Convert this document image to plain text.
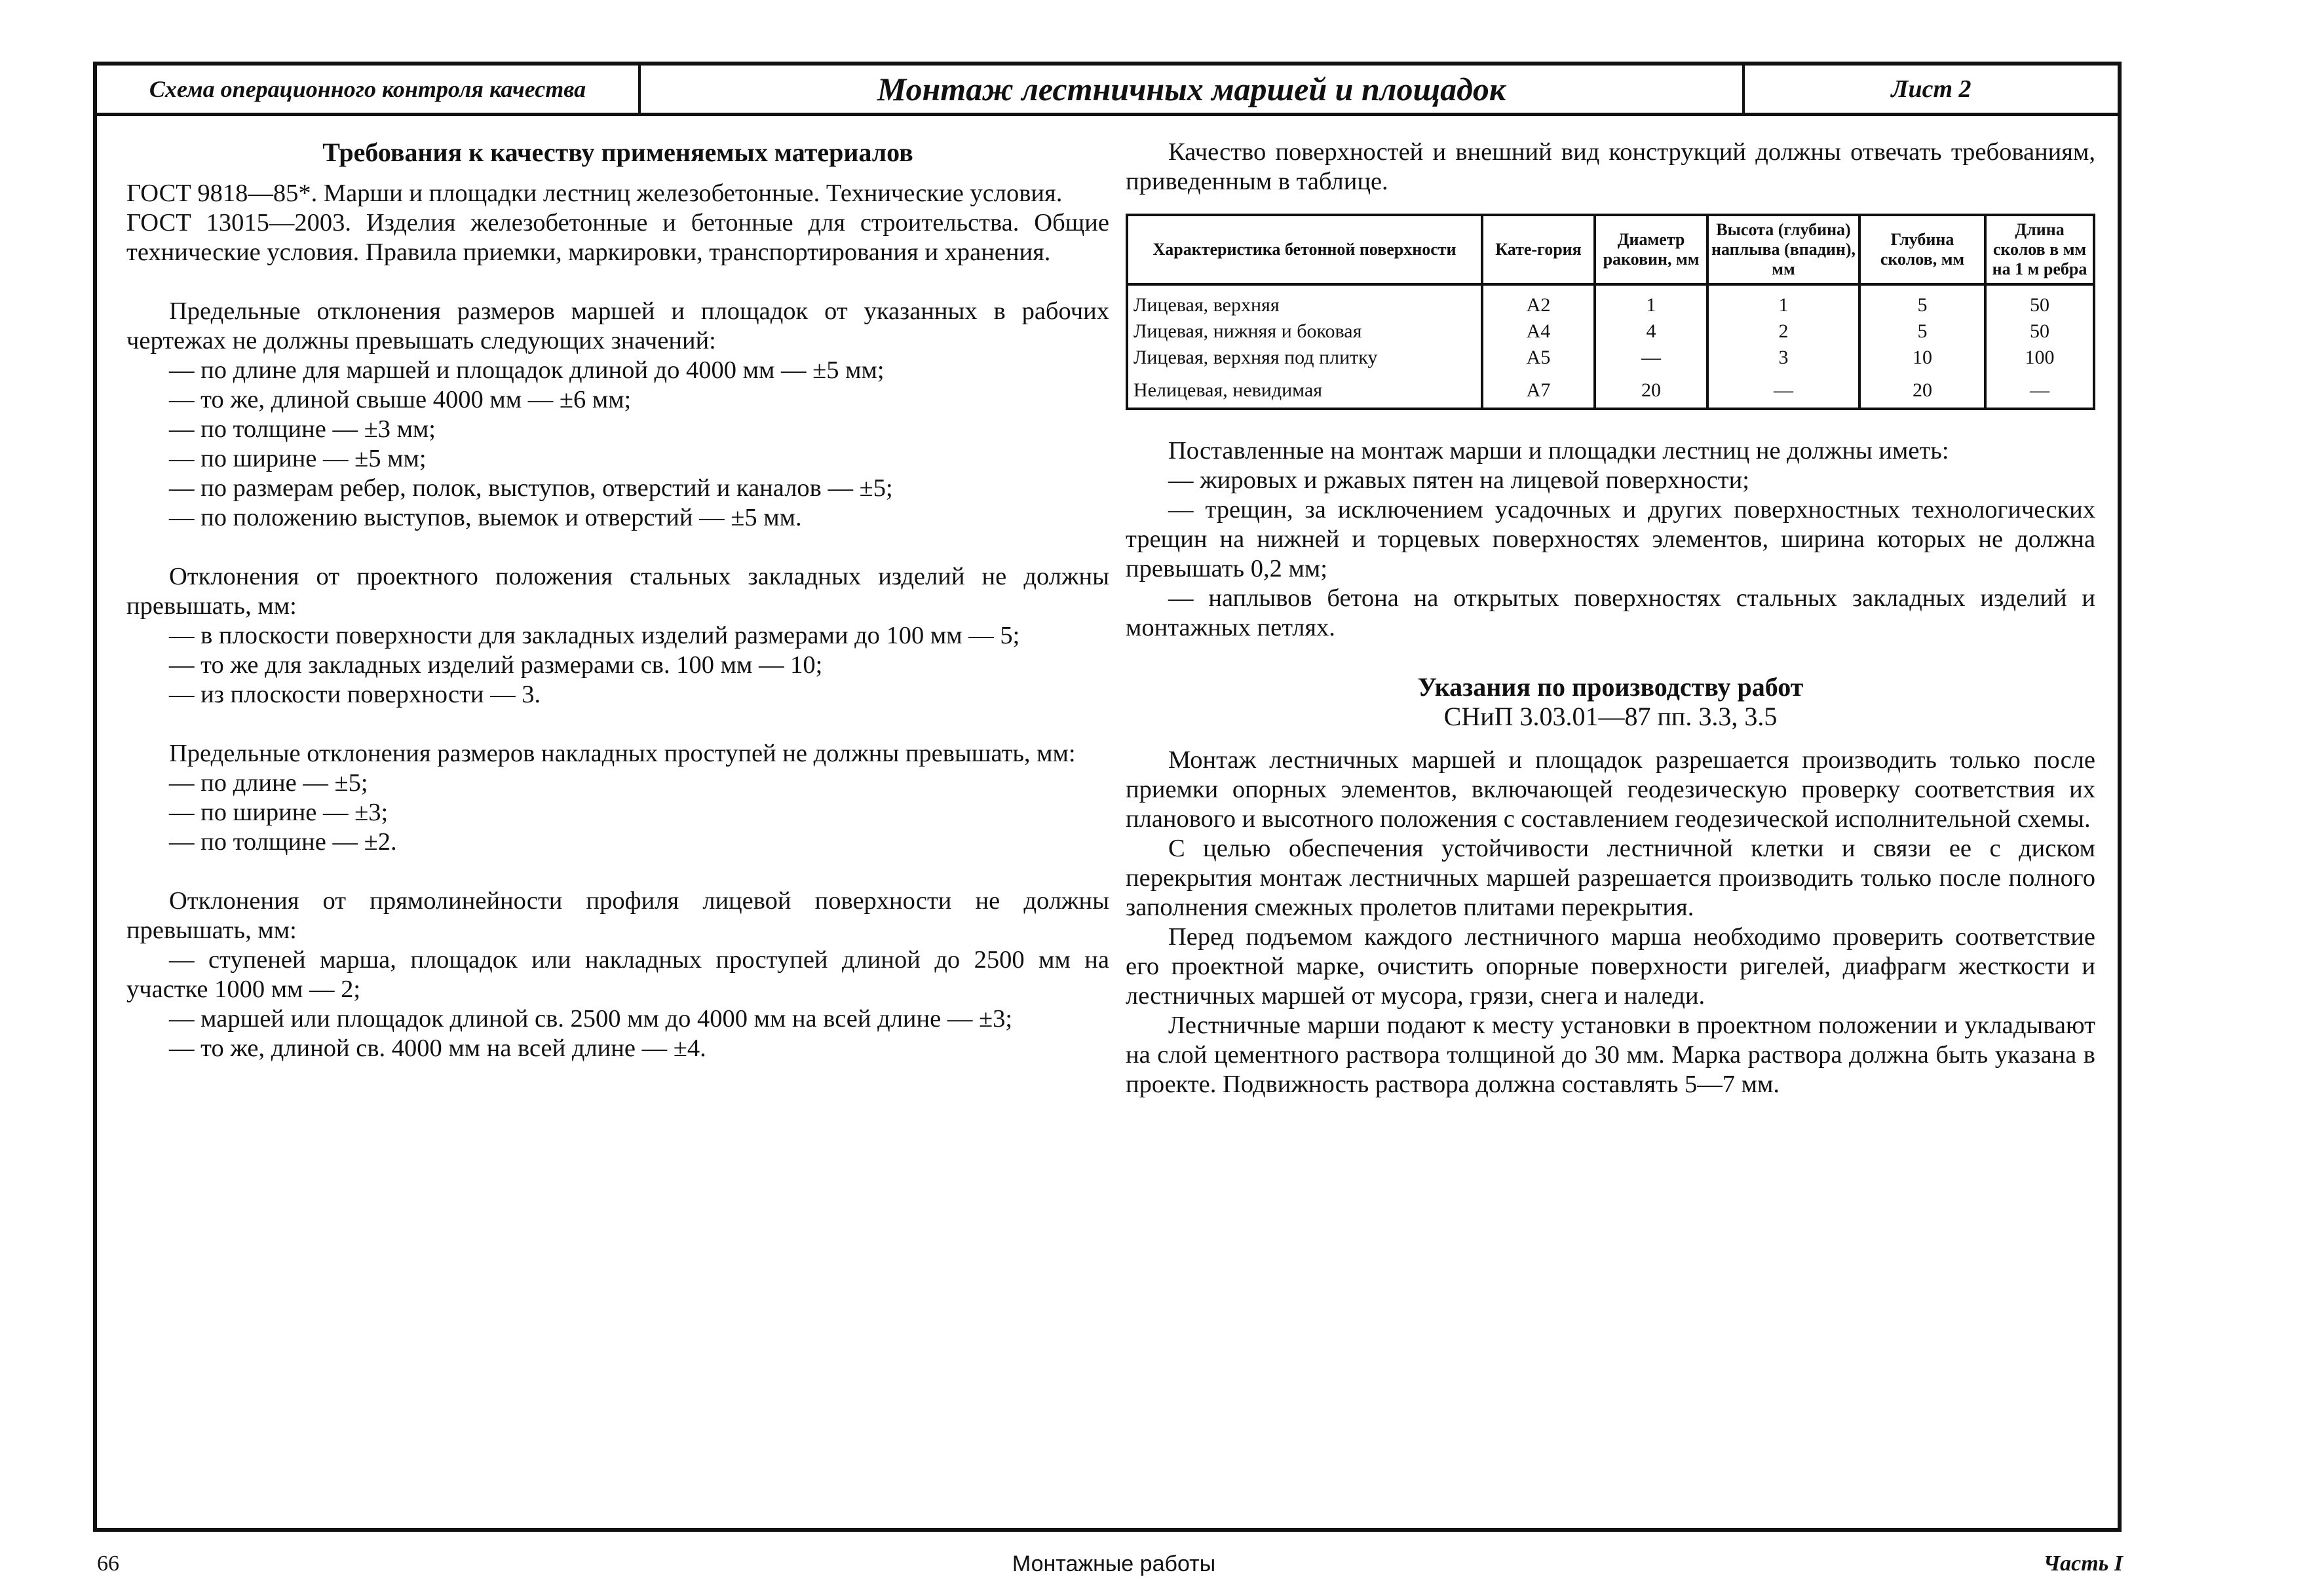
Схема операционного контроля качества	Монтаж лестничных маршей и площадок	Лист 2
Требования к качеству применяемых материалов

ГОСТ 9818—85*. Марши и площадки лестниц железобетонные. Технические условия.

ГОСТ 13015—2003. Изделия железобетонные и бетонные для строительства. Общие технические условия. Правила приемки, маркировки, транспортирования и хранения.

Предельные отклонения размеров маршей и площадок от указанных в рабочих чертежах не должны превышать следующих значений:

— по длине для маршей и площадок длиной до 4000 мм — ±5 мм;

— то же, длиной свыше 4000 мм — ±6 мм;

— по толщине — ±3 мм;

— по ширине — ±5 мм;

— по размерам ребер, полок, выступов, отверстий и каналов — ±5;

— по положению выступов, выемок и отверстий — ±5 мм.

Отклонения от проектного положения стальных закладных изделий не должны превышать, мм:

— в плоскости поверхности для закладных изделий размерами до 100 мм — 5;

— то же для закладных изделий размерами св. 100 мм — 10;

— из плоскости поверхности — 3.

Предельные отклонения размеров накладных проступей не должны превышать, мм:

— по длине — ±5;

— по ширине — ±3;

— по толщине — ±2.

Отклонения от прямолинейности профиля лицевой поверхности не должны превышать, мм:

— ступеней марша, площадок или накладных проступей длиной до 2500 мм на участке 1000 мм — 2;

— маршей или площадок длиной св. 2500 мм до 4000 мм на всей длине — ±3;

— то же, длиной св. 4000 мм на всей длине — ±4.

Качество поверхностей и внешний вид конструкций должны отвечать требованиям, приведенным в таблице.

Характеристика бетонной поверхности	Кате-гория	Диаметр раковин, мм	Высота (глубина) наплыва (впадин), мм	Глубина сколов, мм	Длина сколов в мм на 1 м ребра
Лицевая, верхняя	А2	1	1	5	50
Лицевая, нижняя и боковая	А4	4	2	5	50
Лицевая, верхняя под плитку	А5	—	3	10	100
Нелицевая, невидимая	А7	20	—	20	—

Поставленные на монтаж марши и площадки лестниц не должны иметь:

— жировых и ржавых пятен на лицевой поверхности;

— трещин, за исключением усадочных и других поверхностных технологических трещин на нижней и торцевых поверхностях элементов, ширина которых не должна превышать 0,2 мм;

— наплывов бетона на открытых поверхностях стальных закладных изделий и монтажных петлях.

Указания по производству работ
СНиП 3.03.01—87 пп. 3.3, 3.5

Монтаж лестничных маршей и площадок разрешается производить только после приемки опорных элементов, включающей геодезическую проверку соответствия их планового и высотного положения с составлением геодезической исполнительной схемы.

С целью обеспечения устойчивости лестничной клетки и связи ее с диском перекрытия монтаж лестничных маршей разрешается производить только после полного заполнения смежных пролетов плитами перекрытия.

Перед подъемом каждого лестничного марша необходимо проверить соответствие его проектной марке, очистить опорные поверхности ригелей, диафрагм жесткости и лестничных маршей от мусора, грязи, снега и наледи.

Лестничные марши подают к месту установки в проектном положении и укладывают на слой цементного раствора толщиной до 30 мм. Марка раствора должна быть указана в проекте. Подвижность раствора должна составлять 5—7 мм.

66	Монтажные работы	Часть I
